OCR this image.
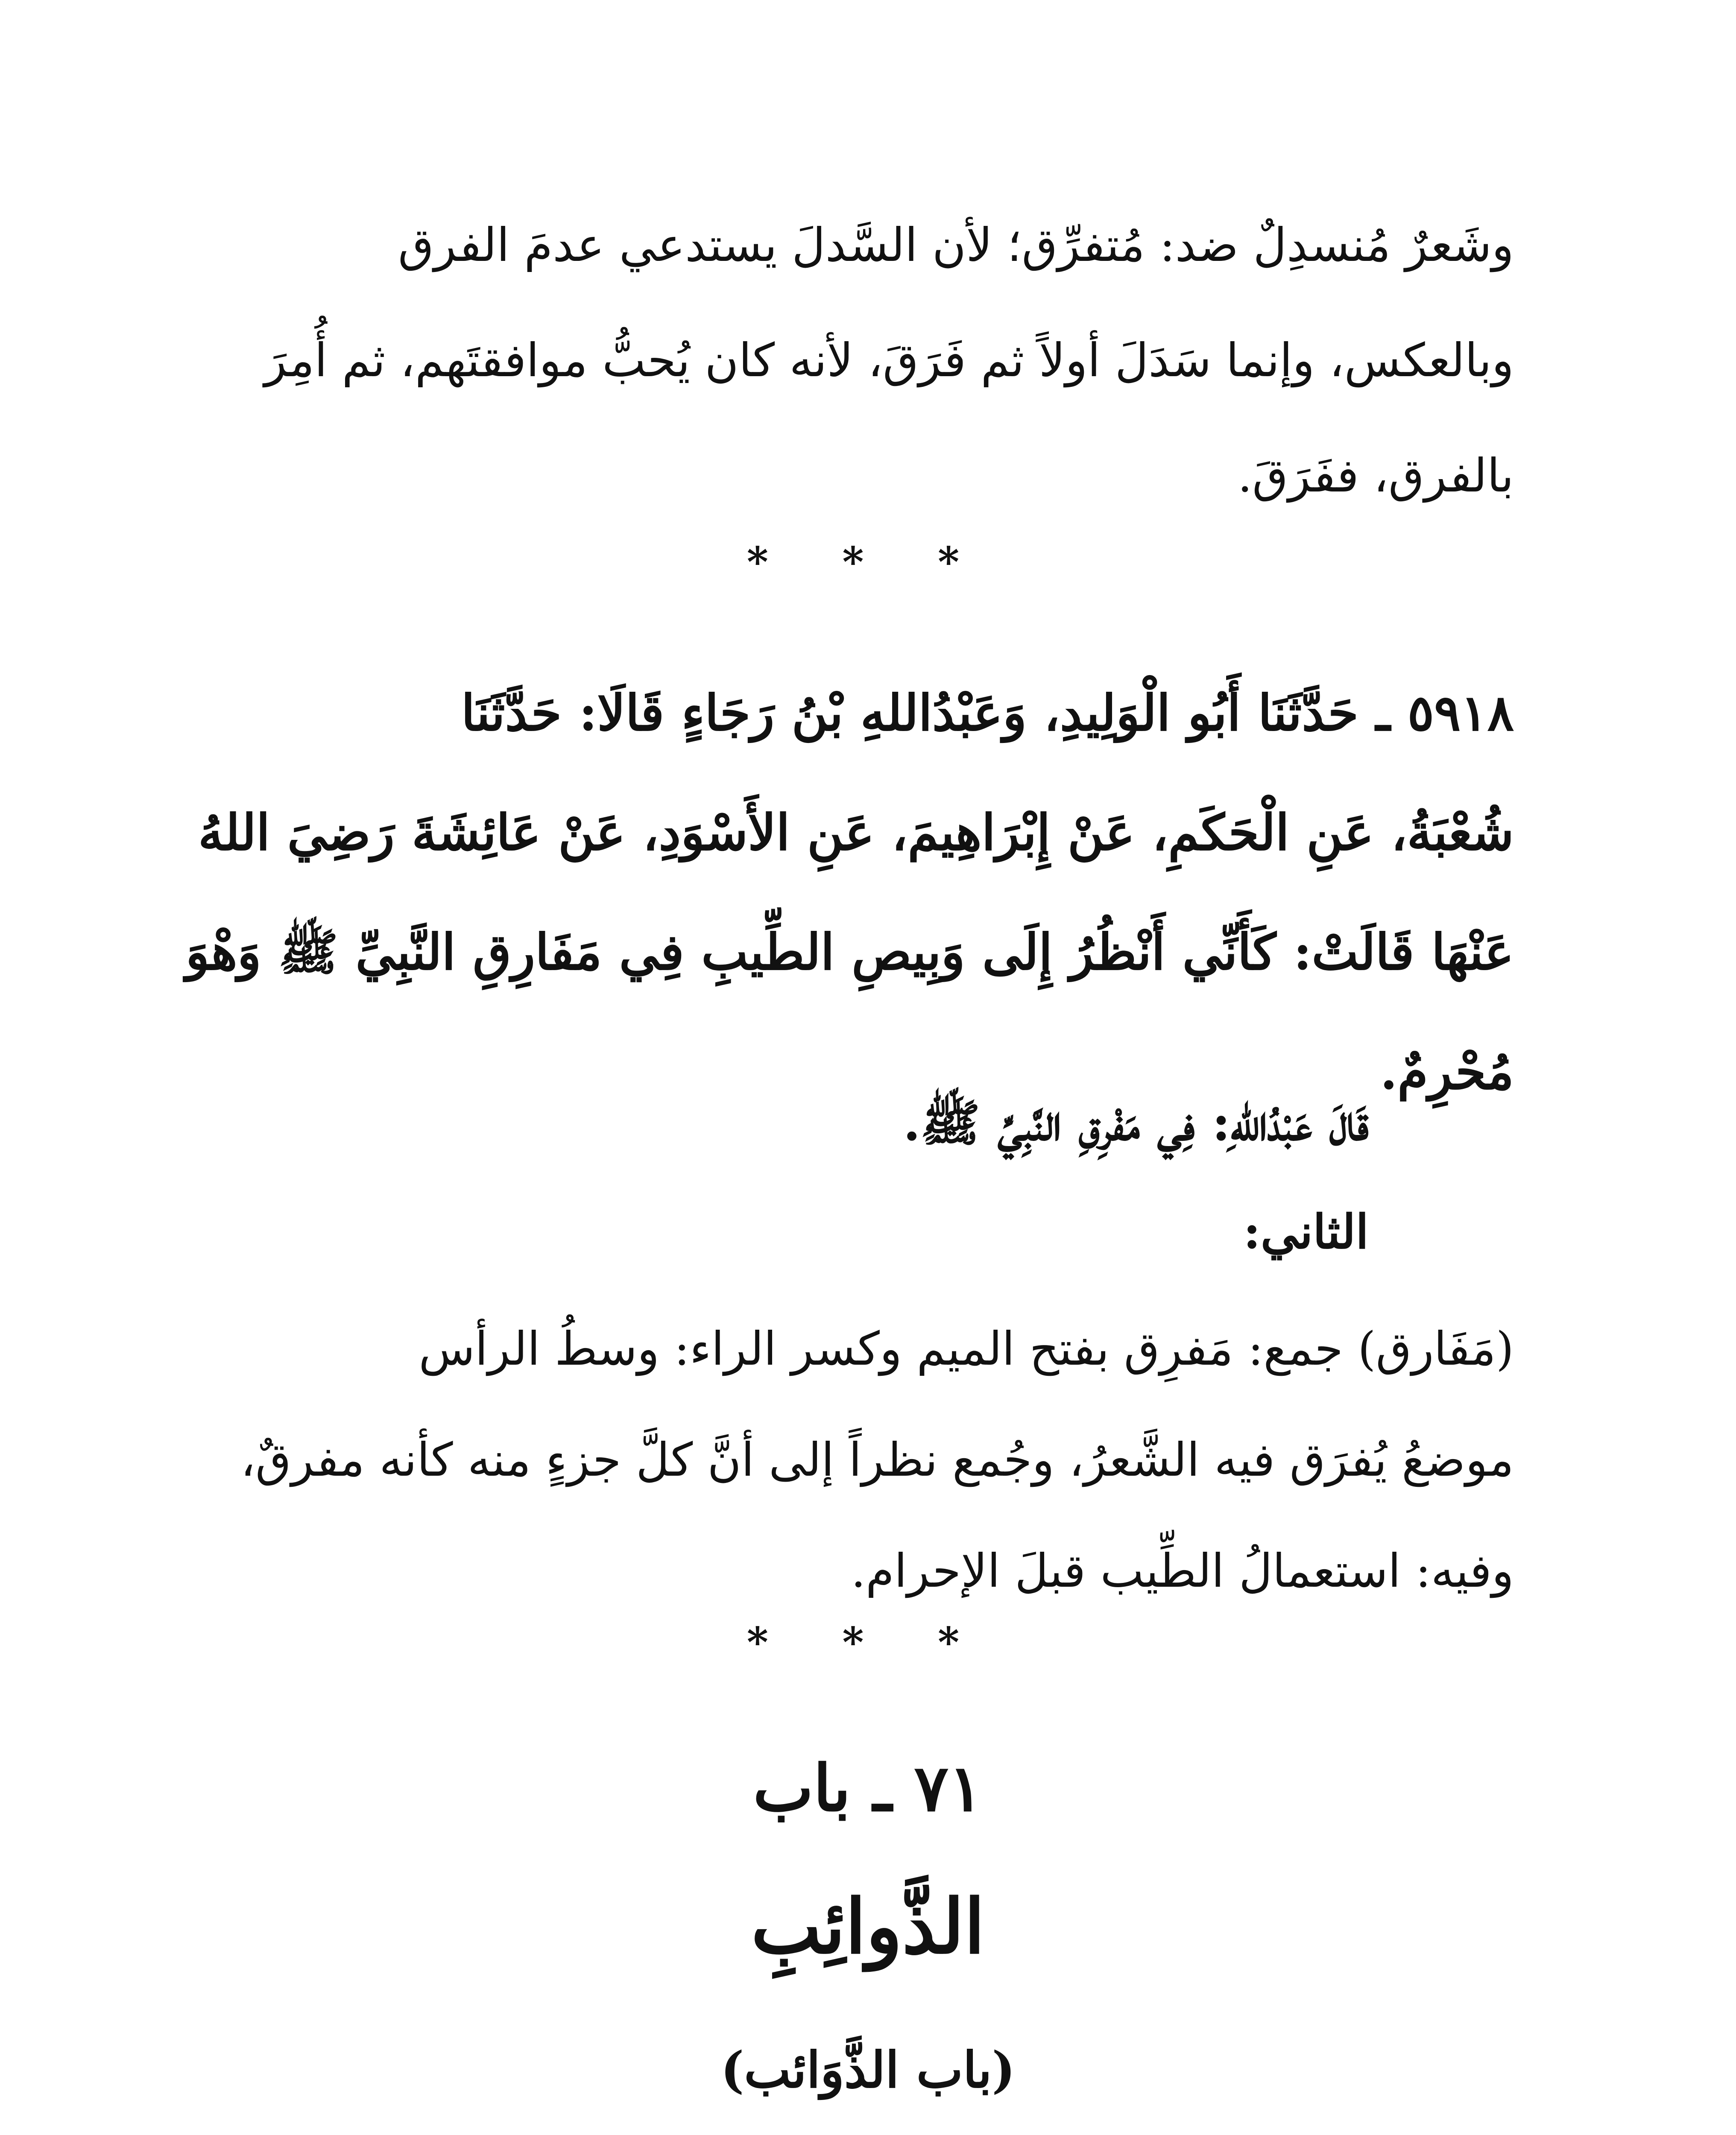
وشَعرٌ مُنسدِلٌ ضد: مُتفرِّق؛ لأن السَّدلَ يستدعي عدمَ الفرق
وبالعكس، وإنما سَدَلَ أولاً ثم فَرَقَ، لأنه كان يُحبُّ موافقتَهم، ثم أُمِرَ
بالفرق، ففَرَقَ.
* * *
٥٩١٨ ـ حَدَّثَنَا أَبُو الْوَلِيدِ، وَعَبْدُاللهِ بْنُ رَجَاءٍ قَالَا: حَدَّثَنَا
شُعْبَةُ، عَنِ الْحَكَمِ، عَنْ إِبْرَاهِيمَ، عَنِ الأَسْوَدِ، عَنْ عَائِشَةَ رَضِيَ اللهُ
عَنْهَا قَالَتْ: كَأَنِّي أَنْظُرُ إِلَى وَبِيصِ الطِّيبِ فِي مَفَارِقِ النَّبِيِّ ﷺ وَهْوَ
مُحْرِمٌ.
قَالَ عَبْدُاللهِ: فِي مَفْرِقِ النَّبِيِّ ﷺ.
الثاني:
(مَفَارق) جمع: مَفرِق بفتح الميم وكسر الراء: وسطُ الرأس
موضعُ يُفرَق فيه الشَّعرُ، وجُمع نظراً إلى أنَّ كلَّ جزءٍ منه كأنه مفرقٌ،
وفيه: استعمالُ الطِّيب قبلَ الإحرام.
* * *
٧١ ـ باب
الذَّوائِبِ
(باب الذَّوَائب)
